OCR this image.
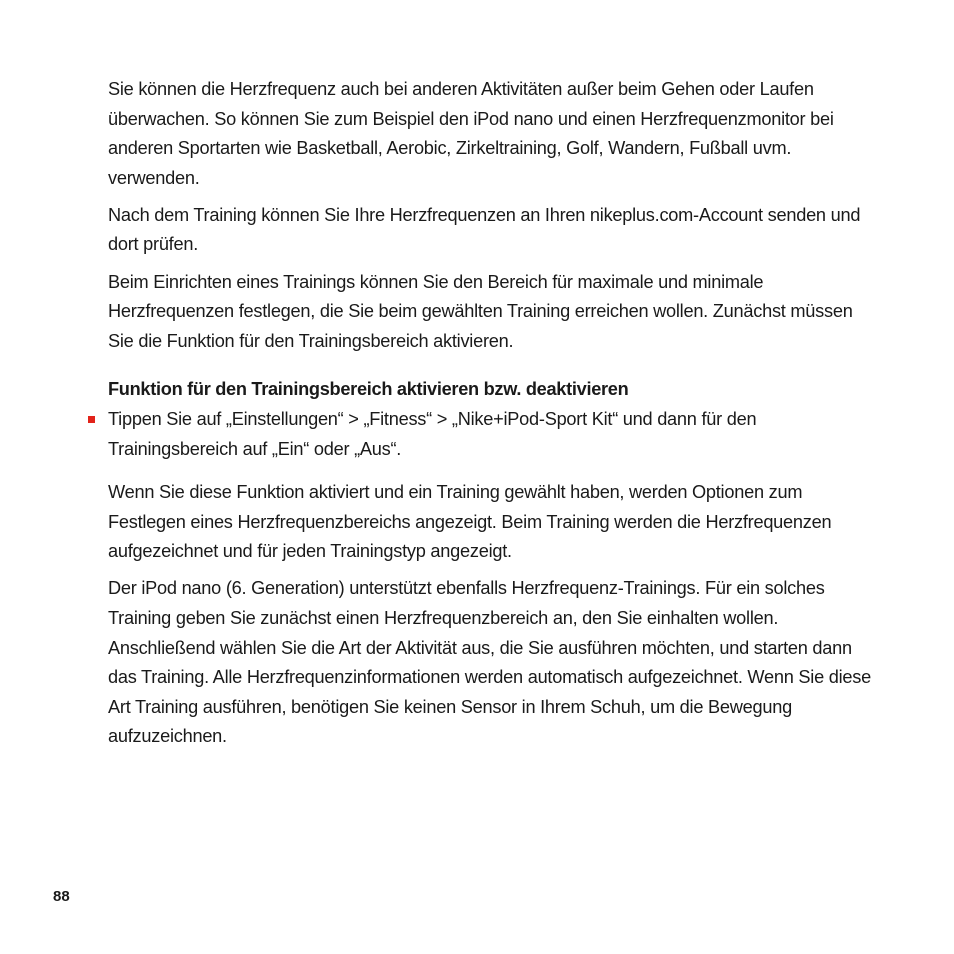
Sie können die Herzfrequenz auch bei anderen Aktivitäten außer beim Gehen oder Laufen überwachen. So können Sie zum Beispiel den iPod nano und einen Herzfrequenzmonitor bei anderen Sportarten wie Basketball, Aerobic, Zirkeltraining, Golf, Wandern, Fußball uvm. verwenden.

Nach dem Training können Sie Ihre Herzfrequenzen an Ihren nikeplus.com-Account senden und dort prüfen.

Beim Einrichten eines Trainings können Sie den Bereich für maximale und minimale Herzfrequenzen festlegen, die Sie beim gewählten Training erreichen wollen. Zunächst müssen Sie die Funktion für den Trainingsbereich aktivieren.

Funktion für den Trainingsbereich aktivieren bzw. deaktivieren
Tippen Sie auf „Einstellungen“ > „Fitness“ > „Nike+iPod-Sport Kit“ und dann für den Trainingsbereich auf „Ein“ oder „Aus“.

Wenn Sie diese Funktion aktiviert und ein Training gewählt haben, werden Optionen zum Festlegen eines Herzfrequenzbereichs angezeigt. Beim Training werden die Herzfrequenzen aufgezeichnet und für jeden Trainingstyp angezeigt.

Der iPod nano (6. Generation) unterstützt ebenfalls Herzfrequenz-Trainings. Für ein solches Training geben Sie zunächst einen Herzfrequenzbereich an, den Sie einhalten wollen. Anschließend wählen Sie die Art der Aktivität aus, die Sie ausführen möchten, und starten dann das Training. Alle Herzfrequenzinformationen werden automatisch aufgezeichnet. Wenn Sie diese Art Training ausführen, benötigen Sie keinen Sensor in Ihrem Schuh, um die Bewegung aufzuzeichnen.

88
